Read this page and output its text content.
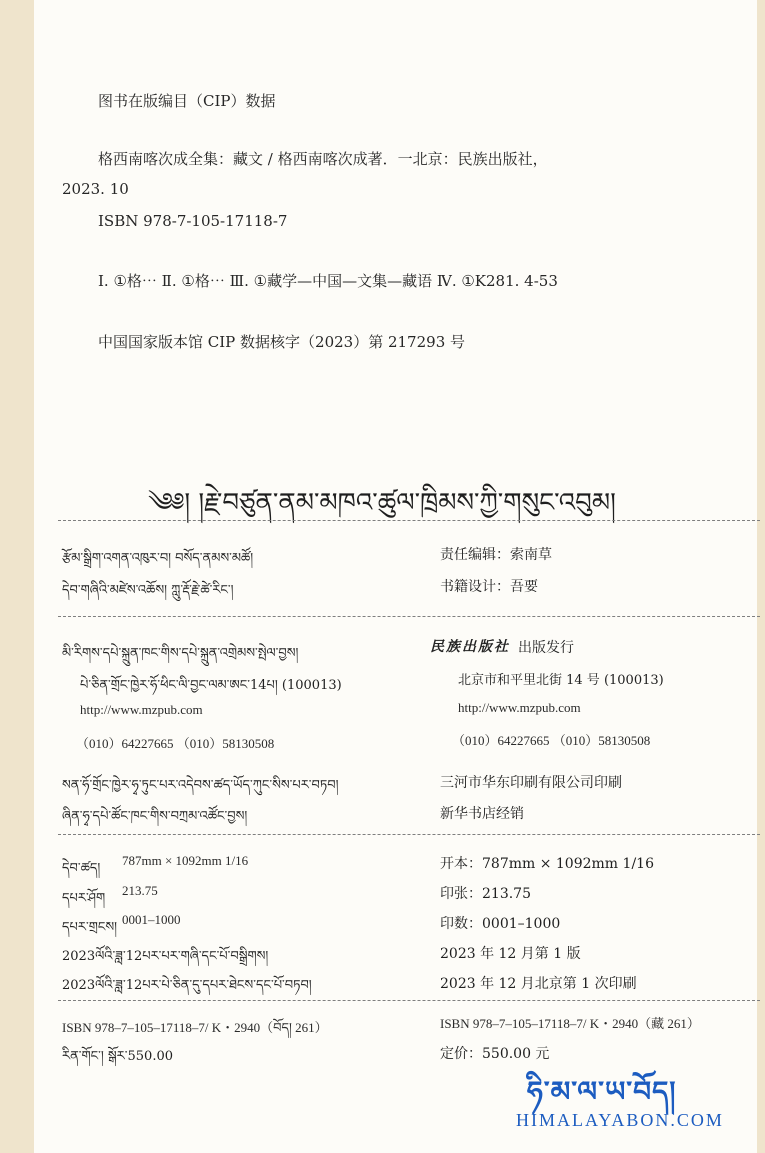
图书在版编目（CIP）数据
格西南喀次成全集：藏文 / 格西南喀次成著．一北京：民族出版社，
2023. 10
ISBN 978-7-105-17118-7
I. ①格⋯ Ⅱ. ①格⋯ Ⅲ. ①藏学—中国—文集—藏语 Ⅳ. ①K281. 4-53
中国国家版本馆 CIP 数据核字（2023）第 217293 号
༄༅། །རྗེ་བཙུན་ནམ་མཁའ་ཚུལ་ཁྲིམས་ཀྱི་གསུང་འབུམ།
རྩོམ་སྒྲིག་འགན་འཁུར་བ། བསོད་ནམས་མཚོ།
དེབ་གཞིའི་མཛེས་འཆོས། ཀླུ་རྡོ་རྗེ་ཚེ་རིང་།
责任编辑：索南草
书籍设计：吾要
མི་རིགས་དཔེ་སྐྲུན་ཁང་གིས་དཔེ་སྐྲུན་འགྲེམས་སྤེལ་བྱས།
པེ་ཅིན་གྲོང་ཁྱེར་ཧོ་ཕིང་ལི་བྱང་ལམ་ཨང་14པ། (100013)
http://www.mzpub.com
（010）64227665 （010）58130508
民族出版社 出版发行
北京市和平里北街 14 号 (100013)
http://www.mzpub.com
（010）64227665 （010）58130508
སན་ཧོ་གྲོང་ཁྱེར་ཧྭ་ཏུང་པར་འདེབས་ཚད་ཡོད་ཀུང་སིས་པར་བཏབ།
ཞིན་ཧྭ་དཔེ་ཚོང་ཁང་གིས་བཀྲམ་འཚོང་བྱས།
三河市华东印刷有限公司印刷
新华书店经销
དེབ་ཚད།
787mm × 1092mm 1/16
དཔར་ཤོག
213.75
དཔར་གྲངས།
0001–1000
2023ལོའི་ཟླ་12པར་པར་གཞི་དང་པོ་བསྒྲིགས།
2023ལོའི་ཟླ་12པར་པེ་ཅིན་དུ་དཔར་ཐེངས་དང་པོ་བཏབ།
开本：787mm × 1092mm 1/16
印张：213.75
印数：0001–1000
2023 年 12 月第 1 版
2023 年 12 月北京第 1 次印刷
ISBN 978–7–105–17118–7/ K・2940（བོད། 261）
རིན་གོང་། སྒོར་550.00
ISBN 978–7–105–17118–7/ K・2940（藏 261）
定价：550.00 元
ཧི་མ་ལ་ཡ་བོད།
HIMALAYABON.COM
